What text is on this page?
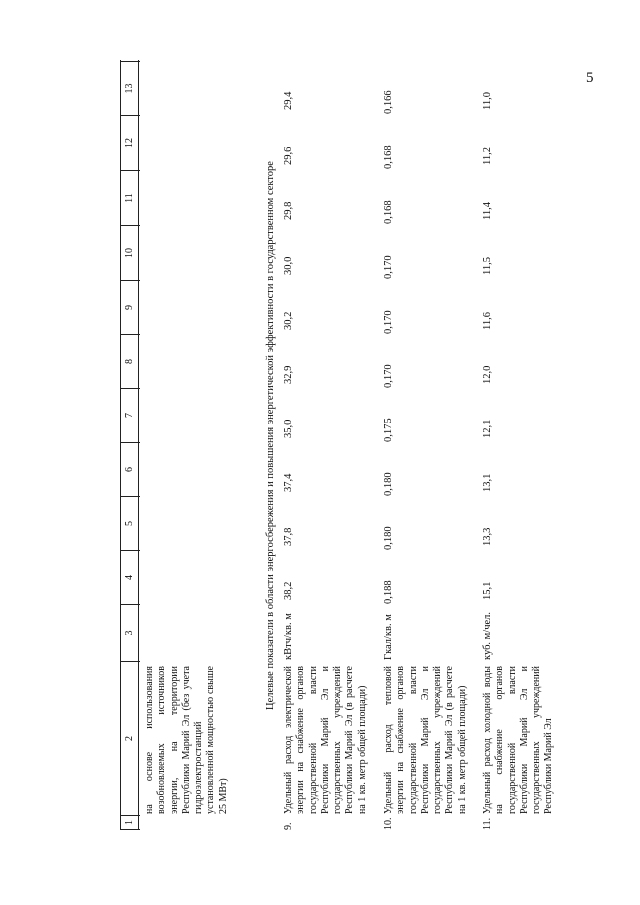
5
1
2
3
4
5
6
7
8
9
10
11
12
13
на основе использования возобновляемых источников энергии, на территории Республики Марий Эл (без учета гидроэлектростанций установленной мощностью свыше 25 МВт)
Целевые показатели в области энергосбережения и повышения энергетической эффективности в государственном секторе
9.
Удельный расход электрической энергии на снабжение органов государственной власти Республики Марий Эл и государственных учреждений Республики Марий Эл (в расчете на 1 кв. метр общей площади)
кВтч/кв. м
38,2
37,8
37,4
35,0
32,9
30,2
30,0
29,8
29,6
29,4
10.
Удельный расход тепловой энергии на снабжение органов государственной власти Республики Марий Эл и государственных учреждений Республики Марий Эл (в расчете на 1 кв. метр общей площади)
Гкал/кв. м
0,188
0,180
0,180
0,175
0,170
0,170
0,170
0,168
0,168
0,166
11.
Удельный расход холодной воды на снабжение органов государственной власти Республики Марий Эл и государственных учреждений Республики Марий Эл
куб. м/чел.
15,1
13,3
13,1
12,1
12,0
11,6
11,5
11,4
11,2
11,0
